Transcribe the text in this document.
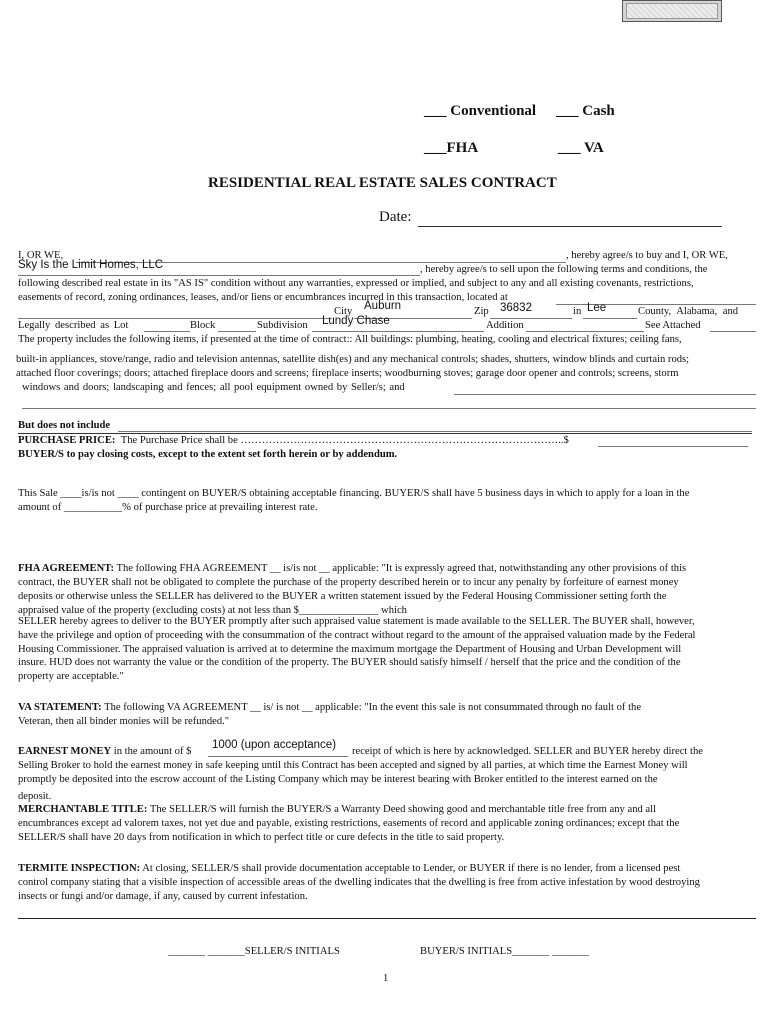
___ Conventional ___ Cash
___FHA	___ VA
RESIDENTIAL REAL ESTATE SALES CONTRACT
Date:
I, OR WE,	, hereby agree/s to buy and I, OR WE,
Sky Is the Limit Homes, LLC	, hereby agree/s to sell upon the following terms and conditions, the
following described real estate in its "AS IS" condition without any warranties, expressed or implied, and subject to any and all existing covenants, restrictions,
easements of record, zoning ordinances, leases, and/or liens or encumbrances incurred in this transaction, located at
City Auburn	Zip 36832	in Lee	County, Alabama, and
Legally described as Lot	Block	Subdivision Lundy Chase	Addition	See Attached
The property includes the following items, if presented at the time of contract:: All buildings: plumbing, heating, cooling and electrical fixtures; ceiling fans,
built-in appliances, stove/range, radio and television antennas, satellite dish(es) and any mechanical controls; shades, shutters, window blinds and curtain rods;
attached floor coverings; doors; attached fireplace doors and screens; fireplace inserts; woodburning stoves; garage door opener and controls; screens, storm
windows and doors; landscaping and fences; all pool equipment owned by Seller/s; and
But does not include
PURCHASE PRICE: The Purchase Price shall be ………………………………………………………………………………..$
BUYER/S to pay closing costs, except to the extent set forth herein or by addendum.
This Sale ____is/is not ____ contingent on BUYER/S obtaining acceptable financing. BUYER/S shall have 5 business days in which to apply for a loan in the
amount of ___________% of purchase price at prevailing interest rate.
FHA AGREEMENT: The following FHA AGREEMENT __ is/is not __ applicable: "It is expressly agreed that, notwithstanding any other provisions of this
contract, the BUYER shall not be obligated to complete the purchase of the property described herein or to incur any penalty by forfeiture of earnest money
deposits or otherwise unless the SELLER has delivered to the BUYER a written statement issued by the Federal Housing Commissioner setting forth the
appraised value of the property (excluding costs) at not less than $_______________ which
SELLER hereby agrees to deliver to the BUYER promptly after such appraised value statement is made available to the SELLER. The BUYER shall, however,
have the privilege and option of proceeding with the consummation of the contract without regard to the amount of the appraised valuation made by the Federal
Housing Commissioner. The appraised valuation is arrived at to determine the maximum mortgage the Department of Housing and Urban Development will
insure. HUD does not warranty the value or the condition of the property. The BUYER should satisfy himself / herself that the price and the condition of the
property are acceptable."
VA STATEMENT: The following VA AGREEMENT __ is/ is not __ applicable: "In the event this sale is not consummated through no fault of the
Veteran, then all binder monies will be refunded."
EARNEST MONEY in the amount of $
1000 (upon acceptance)
receipt of which is here by acknowledged. SELLER and BUYER hereby direct the
Selling Broker to hold the earnest money in safe keeping until this Contract has been accepted and signed by all parties, at which time the Earnest Money will
promptly be deposited into the escrow account of the Listing Company which may be interest bearing with Broker entitled to the interest earned on the
deposit.
MERCHANTABLE TITLE: The SELLER/S will furnish the BUYER/S a Warranty Deed showing good and merchantable title free from any and all
encumbrances except ad valorem taxes, not yet due and payable, existing restrictions, easements of record and applicable zoning ordinances; except that the
SELLER/S shall have 20 days from notification in which to perfect title or cure defects in the title to said property.
TERMITE INSPECTION: At closing, SELLER/S shall provide documentation acceptable to Lender, or BUYER if there is no lender, from a licensed pest
control company stating that a visible inspection of accessible areas of the dwelling indicates that the dwelling is free from active infestation by wood destroying
insects or fungi and/or damage, if any, caused by current infestation.
_______ _______SELLER/S INITIALS	BUYER/S INITIALS_______ _______
1
